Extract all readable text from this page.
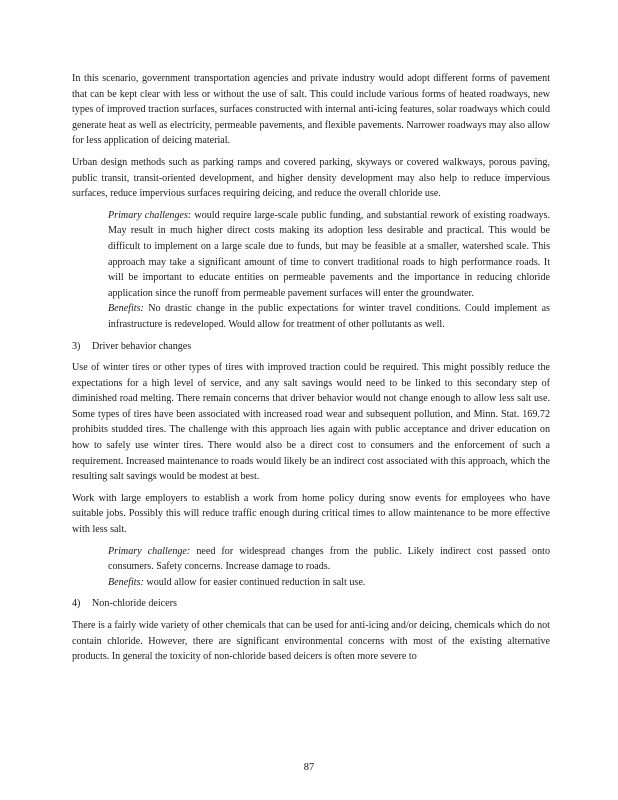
In this scenario, government transportation agencies and private industry would adopt different forms of pavement that can be kept clear with less or without the use of salt. This could include various forms of heated roadways, new types of improved traction surfaces, surfaces constructed with internal anti-icing features, solar roadways which could generate heat as well as electricity, permeable pavements, and flexible pavements. Narrower roadways may also allow for less application of deicing material.

Urban design methods such as parking ramps and covered parking, skyways or covered walkways, porous paving, public transit, transit-oriented development, and higher density development may also help to reduce impervious surfaces, reduce impervious surfaces requiring deicing, and reduce the overall chloride use.

Primary challenges: would require large-scale public funding, and substantial rework of existing roadways. May result in much higher direct costs making its adoption less desirable and practical. This would be difficult to implement on a large scale due to funds, but may be feasible at a smaller, watershed scale. This approach may take a significant amount of time to convert traditional roads to high performance roads. It will be important to educate entities on permeable pavements and the importance in reducing chloride application since the runoff from permeable pavement surfaces will enter the groundwater.
Benefits: No drastic change in the public expectations for winter travel conditions. Could implement as infrastructure is redeveloped. Would allow for treatment of other pollutants as well.
3) Driver behavior changes

Use of winter tires or other types of tires with improved traction could be required. This might possibly reduce the expectations for a high level of service, and any salt savings would need to be linked to this secondary step of diminished road melting. There remain concerns that driver behavior would not change enough to allow less salt use. Some types of tires have been associated with increased road wear and subsequent pollution, and Minn. Stat. 169.72 prohibits studded tires. The challenge with this approach lies again with public acceptance and driver education on how to safely use winter tires. There would also be a direct cost to consumers and the enforcement of such a requirement. Increased maintenance to roads would likely be an indirect cost associated with this approach, which the resulting salt savings would be modest at best.

Work with large employers to establish a work from home policy during snow events for employees who have suitable jobs. Possibly this will reduce traffic enough during critical times to allow maintenance to be more effective with less salt.

Primary challenge: need for widespread changes from the public. Likely indirect cost passed onto consumers. Safety concerns. Increase damage to roads.
Benefits: would allow for easier continued reduction in salt use.
4) Non-chloride deicers

There is a fairly wide variety of other chemicals that can be used for anti-icing and/or deicing, chemicals which do not contain chloride. However, there are significant environmental concerns with most of the existing alternative products. In general the toxicity of non-chloride based deicers is often more severe to

87
